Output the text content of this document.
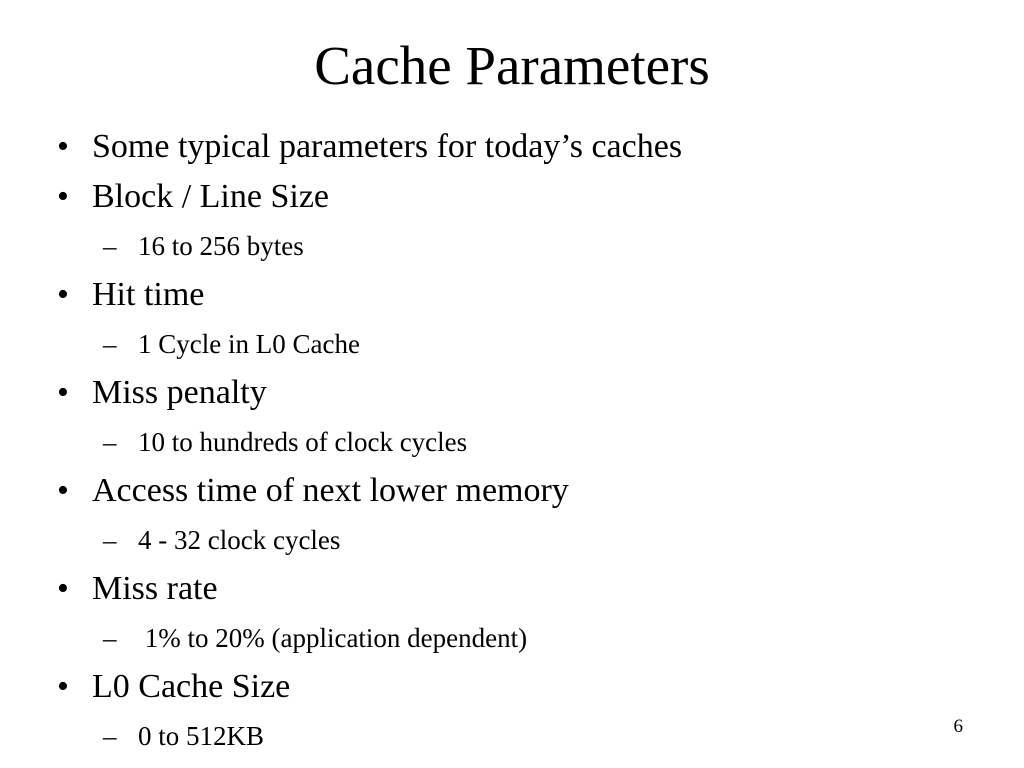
Cache Parameters
• Some typical parameters for today’s caches
• Block / Line Size
– 16 to 256 bytes
• Hit time
– 1 Cycle in L0 Cache
• Miss penalty
– 10 to hundreds of clock cycles
• Access time of next lower memory
– 4 - 32 clock cycles
• Miss rate
– 1% to 20% (application dependent)
• L0 Cache Size
– 0 to 512KB	6
